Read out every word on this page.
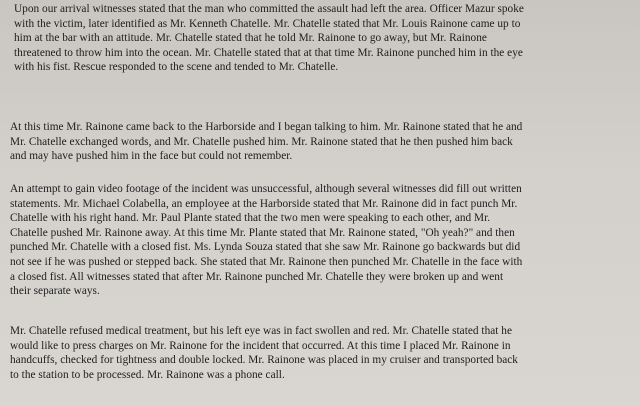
Upon our arrival witnesses stated that the man who committed the assault had left the area. Officer Mazur spoke
with the victim, later identified as Mr. Kenneth Chatelle. Mr. Chatelle stated that Mr. Louis Rainone came up to
him at the bar with an attitude. Mr. Chatelle stated that he told Mr. Rainone to go away, but Mr. Rainone
threatened to throw him into the ocean. Mr. Chatelle stated that at that time Mr. Rainone punched him in the eye
with his fist. Rescue responded to the scene and tended to Mr. Chatelle.
At this time Mr. Rainone came back to the Harborside and I began talking to him. Mr. Rainone stated that he and
Mr. Chatelle exchanged words, and Mr. Chatelle pushed him. Mr. Rainone stated that he then pushed him back
and may have pushed him in the face but could not remember.
An attempt to gain video footage of the incident was unsuccessful, although several witnesses did fill out written
statements. Mr. Michael Colabella, an employee at the Harborside stated that Mr. Rainone did in fact punch Mr.
Chatelle with his right hand. Mr. Paul Plante stated that the two men were speaking to each other, and Mr.
Chatelle pushed Mr. Rainone away. At this time Mr. Plante stated that Mr. Rainone stated, "Oh yeah?" and then
punched Mr. Chatelle with a closed fist. Ms. Lynda Souza stated that she saw Mr. Rainone go backwards but did
not see if he was pushed or stepped back. She stated that Mr. Rainone then punched Mr. Chatelle in the face with
a closed fist. All witnesses stated that after Mr. Rainone punched Mr. Chatelle they were broken up and went
their separate ways.
Mr. Chatelle refused medical treatment, but his left eye was in fact swollen and red. Mr. Chatelle stated that he
would like to press charges on Mr. Rainone for the incident that occurred. At this time I placed Mr. Rainone in
handcuffs, checked for tightness and double locked. Mr. Rainone was placed in my cruiser and transported back
to the station to be processed. Mr. Rainone was a phone call.
